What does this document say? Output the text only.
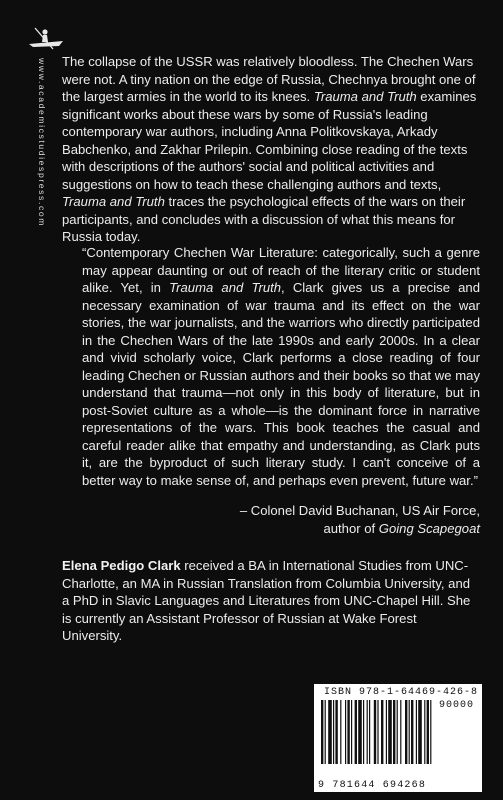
www.academicstudiespress.com The collapse of the USSR was relatively bloodless. The Chechen Wars were not. A tiny nation on the edge of Russia, Chechnya brought one of the largest armies in the world to its knees. Trauma and Truth examines significant works about these wars by some of Russia's leading contemporary war authors, including Anna Politkovskaya, Arkady Babchenko, and Zakhar Prilepin. Combining close reading of the texts with descriptions of the authors' social and political activities and suggestions on how to teach these challenging authors and texts, Trauma and Truth traces the psychological effects of the wars on their participants, and concludes with a discussion of what this means for Russia today.

“Contemporary Chechen War Literature: categorically, such a genre may appear daunting or out of reach of the literary critic or student alike. Yet, in Trauma and Truth, Clark gives us a precise and necessary examination of war trauma and its effect on the war stories, the war journalists, and the warriors who directly participated in the Chechen Wars of the late 1990s and early 2000s. In a clear and vivid scholarly voice, Clark performs a close reading of four leading Chechen or Russian authors and their books so that we may understand that trauma—not only in this body of literature, but in post-Soviet culture as a whole—is the dominant force in narrative representations of the wars. This book teaches the casual and careful reader alike that empathy and understanding, as Clark puts it, are the byproduct of such literary study. I can't conceive of a better way to make sense of, and perhaps even prevent, future war.”

– Colonel David Buchanan, US Air Force,
author of Going Scapegoat

Elena Pedigo Clark received a BA in International Studies from UNC-Charlotte, an MA in Russian Translation from Columbia University, and a PhD in Slavic Languages and Literatures from UNC-Chapel Hill. She is currently an Assistant Professor of Russian at Wake Forest University.

ISBN 978-1-64469-426-8
90000
9 781644 694268
